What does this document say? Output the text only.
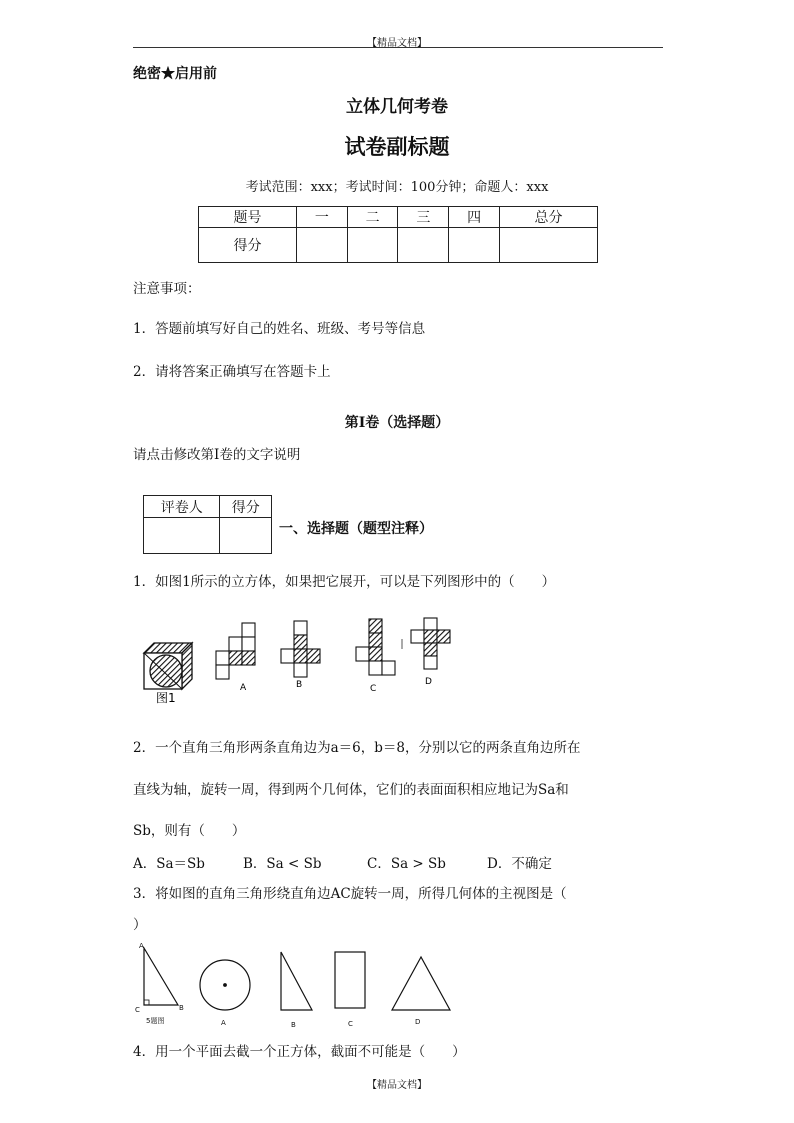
【精品文档】
【精品文档】
绝密★启用前
立体几何考卷
试卷副标题
考试范围：xxx；考试时间：100分钟；命题人：xxx
题号	一	二	三	四	总分
得分					
注意事项：
1．答题前填写好自己的姓名、班级、考号等信息
2．请将答案正确填写在答题卡上
第I卷（选择题）
请点击修改第I卷的文字说明
评卷人	得分

一、选择题（题型注释）
1．如图1所示的立方体，如果把它展开，可以是下列图形中的（　　）
图1
A	B	C
D
2．一个直角三角形两条直角边为a＝6，b＝8，分别以它的两条直角边所在
直线为轴，旋转一周，得到两个几何体，它们的表面面积相应地记为Sa和
Sb，则有（　　）
A．Sa＝Sb	B．Sa < Sb	C．Sa > Sb	D．不确定
3．将如图的直角三角形绕直角边AC旋转一周，所得几何体的主视图是（
）
A
C	B
5题图	A	B	C	D
4．用一个平面去截一个正方体，截面不可能是（　　）
